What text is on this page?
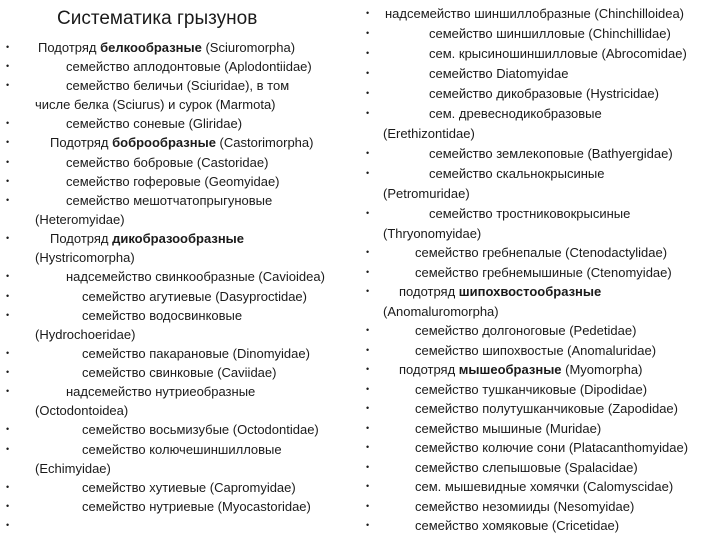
Систематика грызунов
•
•
•
•
•
•
•
•
•
•
•
•
•
•
•
•
•
•
•
•
Подотряд белкообразные (Sciuromorpha)
семейство аплодонтовые (Aplodontiidae)
семейство беличьи (Sciuridae), в том
числе белка (Sciurus) и сурок (Marmota)
семейство соневые (Gliridae)
Подотряд боброобразные (Castorimorpha)
семейство бобровые (Castoridae)
семейство гоферовые (Geomyidae)
семейство мешотчатопрыгуновые
(Heteromyidae)
Подотряд дикобразообразные
(Hystricomorpha)
надсемейство свинкообразные (Cavioidea)
семейство агутиевые (Dasyproctidae)
семейство водосвинковые
(Hydrochoeridae)
семейство пакарановые (Dinomyidae)
семейство свинковые (Caviidae)
надсемейство нутриеобразные
(Octodontoidea)
семейство восьмизубые (Octodontidae)
семейство колючешиншилловые
(Echimyidae)
семейство хутиевые (Capromyidae)
семейство нутриевые (Myocastoridae)
•
•
•
•
•
•
•
•
•
•
•
•
•
•
•
•
•
•
•
•
•
•
•
надсемейство шиншиллобразные (Chinchilloidea)
семейство шиншилловые (Chinchillidae)
сем. крысиношиншилловые (Abrocomidae)
семейство Diatomyidae
семейство дикобразовые (Hystricidae)
сем. древеснодикобразовые
(Erethizontidae)
семейство землекоповые (Bathyergidae)
семейство скальнокрысиные
(Petromuridae)
семейство тростниковокрысиные
(Thryonomyidae)
семейство гребнепалые (Ctenodactylidae)
семейство гребнемышиные (Ctenomyidae)
подотряд шипохвостообразные
(Anomaluromorpha)
семейство долгоноговые (Pedetidae)
семейство шипохвостые (Anomaluridae)
подотряд мышеобразные (Myomorpha)
семейство тушканчиковые (Dipodidae)
семейство полутушканчиковые (Zapodidae)
семейство мышиные (Muridae)
семейство колючие сони (Platacanthomyidae)
семейство слепышовые (Spalacidae)
сем. мышевидные хомячки (Calomyscidae)
семейство незомииды (Nesomyidae)
семейство хомяковые (Cricetidae)
